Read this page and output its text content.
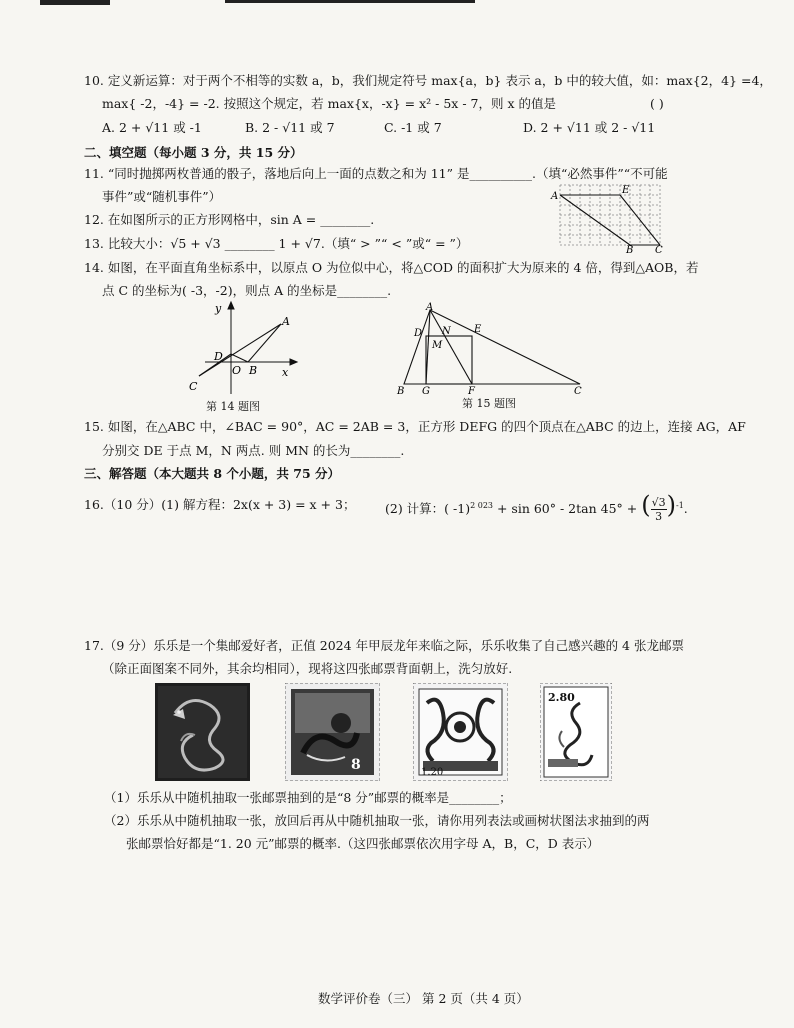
10. 定义新运算：对于两个不相等的实数 a，b，我们规定符号 max{a，b} 表示 a，b 中的较大值，如：max{2，4} =4，
max{ -2，-4} = -2. 按照这个规定，若 max{x，-x} = x² - 5x - 7，则 x 的值是	( )
A. 2 + √11 或 -1	B. 2 - √11 或 7	C. -1 或 7	D. 2 + √11 或 2 - √11
二、填空题（每小题 3 分，共 15 分）
11. “同时抛掷两枚普通的骰子，落地后向上一面的点数之和为 11” 是__________.（填“必然事件”“不可能
事件”或“随机事件”）	A
E
B C
12. 在如图所示的正方形网格中，sin A = ________.
13. 比较大小：√5 + √3 ________ 1 + √7.（填“ > ”“ < ”或“ = ”）
14. 如图，在平面直角坐标系中，以原点 O 为位似中心，将△COD 的面积扩大为原来的 4 倍，得到△AOB，若
点 C 的坐标为( -3，-2)，则点 A 的坐标是________.
y
x
A
D
O B
C
第 14 题图
A
D N E
M
B G	F	C
第 15 题图
15. 如图，在△ABC 中，∠BAC = 90°，AC = 2AB = 3，正方形 DEFG 的四个顶点在△ABC 的边上，连接 AG，AF
分别交 DE 于点 M，N 两点. 则 MN 的长为________.
三、解答题（本大题共 8 个小题，共 75 分）
16.（10 分）(1) 解方程：2x(x + 3) = x + 3； (2) 计算：( -1)$^{2 023}$ + sin 60° - 2tan 45° + ( $\frac{√3}{3} )^{-1}$.
17.（9 分）乐乐是一个集邮爱好者，正值 2024 年甲辰龙年来临之际，乐乐收集了自己感兴趣的 4 张龙邮票
（除正面图案不同外，其余均相同），现将这四张邮票背面朝上，洗匀放好.
8	1.20
2.80
（1）乐乐从中随机抽取一张邮票抽到的是“8 分”邮票的概率是________；
（2）乐乐从中随机抽取一张，放回后再从中随机抽取一张，请你用列表法或画树状图法求抽到的两
张邮票恰好都是“1. 20 元”邮票的概率.（这四张邮票依次用字母 A，B，C，D 表示）
数学评价卷（三） 第 2 页（共 4 页）
